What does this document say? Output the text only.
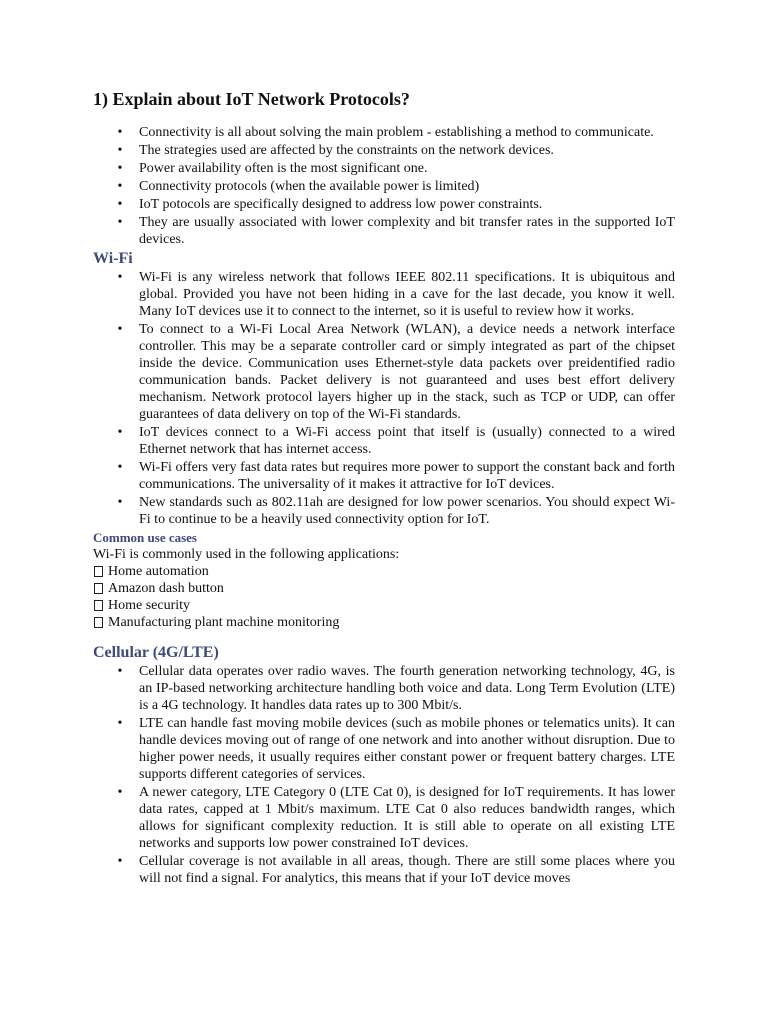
1) Explain about IoT Network Protocols?
• Connectivity is all about solving the main problem - establishing a method to communicate.
• The strategies used are affected by the constraints on the network devices.
• Power availability often is the most significant one.
• Connectivity protocols (when the available power is limited)
• IoT potocols are specifically designed to address low power constraints.
• They are usually associated with lower complexity and bit transfer rates in the supported IoT devices.
Wi-Fi
• Wi-Fi is any wireless network that follows IEEE 802.11 specifications. It is ubiquitous and global. Provided you have not been hiding in a cave for the last decade, you know it well. Many IoT devices use it to connect to the internet, so it is useful to review how it works.
• To connect to a Wi-Fi Local Area Network (WLAN), a device needs a network interface controller. This may be a separate controller card or simply integrated as part of the chipset inside the device. Communication uses Ethernet-style data packets over preidentified radio communication bands. Packet delivery is not guaranteed and uses best effort delivery mechanism. Network protocol layers higher up in the stack, such as TCP or UDP, can offer guarantees of data delivery on top of the Wi-Fi standards.
• IoT devices connect to a Wi-Fi access point that itself is (usually) connected to a wired Ethernet network that has internet access.
• Wi-Fi offers very fast data rates but requires more power to support the constant back and forth communications. The universality of it makes it attractive for IoT devices.
• New standards such as 802.11ah are designed for low power scenarios. You should expect Wi-Fi to continue to be a heavily used connectivity option for IoT.
Common use cases

Wi-Fi is commonly used in the following applications:

Home automation
Amazon dash button
Home security
Manufacturing plant machine monitoring
Cellular (4G/LTE)
• Cellular data operates over radio waves. The fourth generation networking technology, 4G, is an IP-based networking architecture handling both voice and data. Long Term Evolution (LTE) is a 4G technology. It handles data rates up to 300 Mbit/s.
• LTE can handle fast moving mobile devices (such as mobile phones or telematics units). It can handle devices moving out of range of one network and into another without disruption. Due to higher power needs, it usually requires either constant power or frequent battery charges. LTE supports different categories of services.
• A newer category, LTE Category 0 (LTE Cat 0), is designed for IoT requirements. It has lower data rates, capped at 1 Mbit/s maximum. LTE Cat 0 also reduces bandwidth ranges, which allows for significant complexity reduction. It is still able to operate on all existing LTE networks and supports low power constrained IoT devices.
• Cellular coverage is not available in all areas, though. There are still some places where you will not find a signal. For analytics, this means that if your IoT device moves
